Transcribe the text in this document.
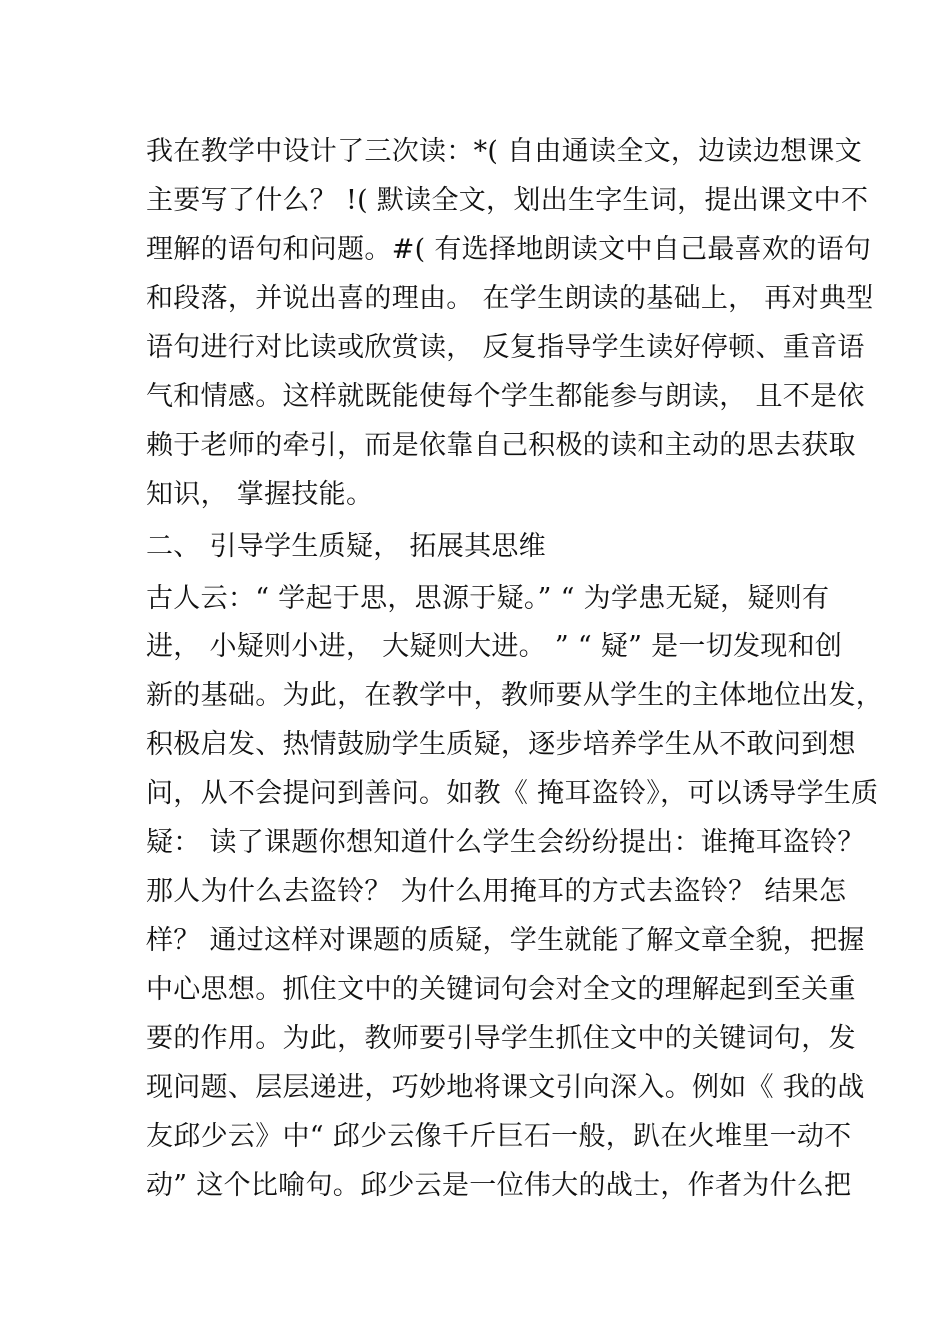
我在教学中设计了三次读：*( 自由通读全文，边读边想课文
主要写了什么？ !( 默读全文，划出生字生词，提出课文中不
理解的语句和问题。#( 有选择地朗读文中自己最喜欢的语句
和段落，并说出喜的理由。 在学生朗读的基础上， 再对典型
语句进行对比读或欣赏读， 反复指导学生读好停顿、重音语
气和情感。这样就既能使每个学生都能参与朗读， 且不是依
赖于老师的牵引，而是依靠自己积极的读和主动的思去获取
知识， 掌握技能。
二、 引导学生质疑， 拓展其思维
古人云：“ 学起于思，思源于疑。” “ 为学患无疑，疑则有
进， 小疑则小进， 大疑则大进。 ” “ 疑” 是一切发现和创
新的基础。为此，在教学中，教师要从学生的主体地位出发，
积极启发、热情鼓励学生质疑，逐步培养学生从不敢问到想
问，从不会提问到善问。如教《 掩耳盗铃》，可以诱导学生质
疑： 读了课题你想知道什么学生会纷纷提出：谁掩耳盗铃？
那人为什么去盗铃？ 为什么用掩耳的方式去盗铃？ 结果怎
样？ 通过这样对课题的质疑，学生就能了解文章全貌，把握
中心思想。抓住文中的关键词句会对全文的理解起到至关重
要的作用。为此，教师要引导学生抓住文中的关键词句，发
现问题、层层递进，巧妙地将课文引向深入。例如《 我的战
友邱少云》中“ 邱少云像千斤巨石一般，趴在火堆里一动不
动” 这个比喻句。邱少云是一位伟大的战士，作者为什么把
